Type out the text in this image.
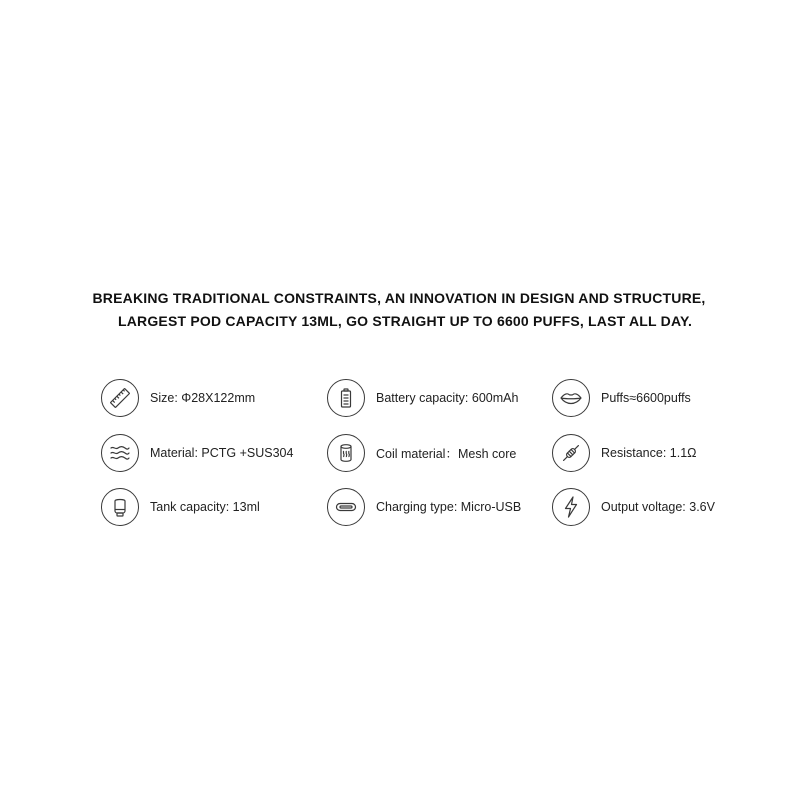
BREAKING TRADITIONAL CONSTRAINTS, AN INNOVATION IN DESIGN AND STRUCTURE,
LARGEST POD CAPACITY 13ML, GO STRAIGHT UP TO 6600 PUFFS, LAST ALL DAY.
Size: Φ28X122mm	Battery capacity: 600mAh	Puffs≈6600puffs
Material: PCTG +SUS304	Coil material：Mesh core	Resistance: 1.1Ω
Tank capacity: 13ml	Charging type: Micro-USB	Output voltage: 3.6V
